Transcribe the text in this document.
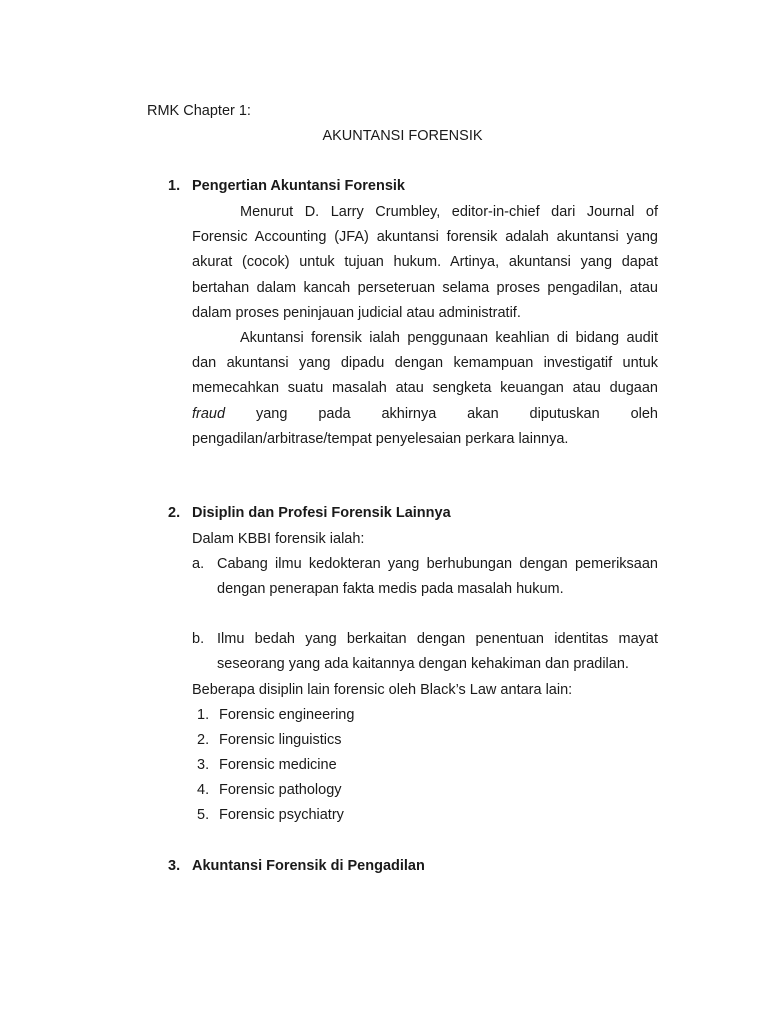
RMK Chapter 1:
AKUNTANSI FORENSIK
1. Pengertian Akuntansi Forensik

Menurut D. Larry Crumbley, editor-in-chief dari Journal of Forensic Accounting (JFA) akuntansi forensik adalah akuntansi yang akurat (cocok) untuk tujuan hukum. Artinya, akuntansi yang dapat bertahan dalam kancah perseteruan selama proses pengadilan, atau dalam proses peninjauan judicial atau administratif.

Akuntansi forensik ialah penggunaan keahlian di bidang audit dan akuntansi yang dipadu dengan kemampuan investigatif untuk memecahkan suatu masalah atau sengketa keuangan atau dugaan fraud yang pada akhirnya akan diputuskan oleh pengadilan/arbitrase/tempat penyelesaian perkara lainnya.

2. Disiplin dan Profesi Forensik Lainnya
Dalam KBBI forensik ialah:
a. Cabang ilmu kedokteran yang berhubungan dengan pemeriksaan dengan penerapan fakta medis pada masalah hukum.

b. Ilmu bedah yang berkaitan dengan penentuan identitas mayat seseorang yang ada kaitannya dengan kehakiman dan pradilan.

Beberapa disiplin lain forensic oleh Black’s Law antara lain:
1. Forensic engineering
2. Forensic linguistics
3. Forensic medicine
4. Forensic pathology
5. Forensic psychiatry
3. Akuntansi Forensik di Pengadilan
